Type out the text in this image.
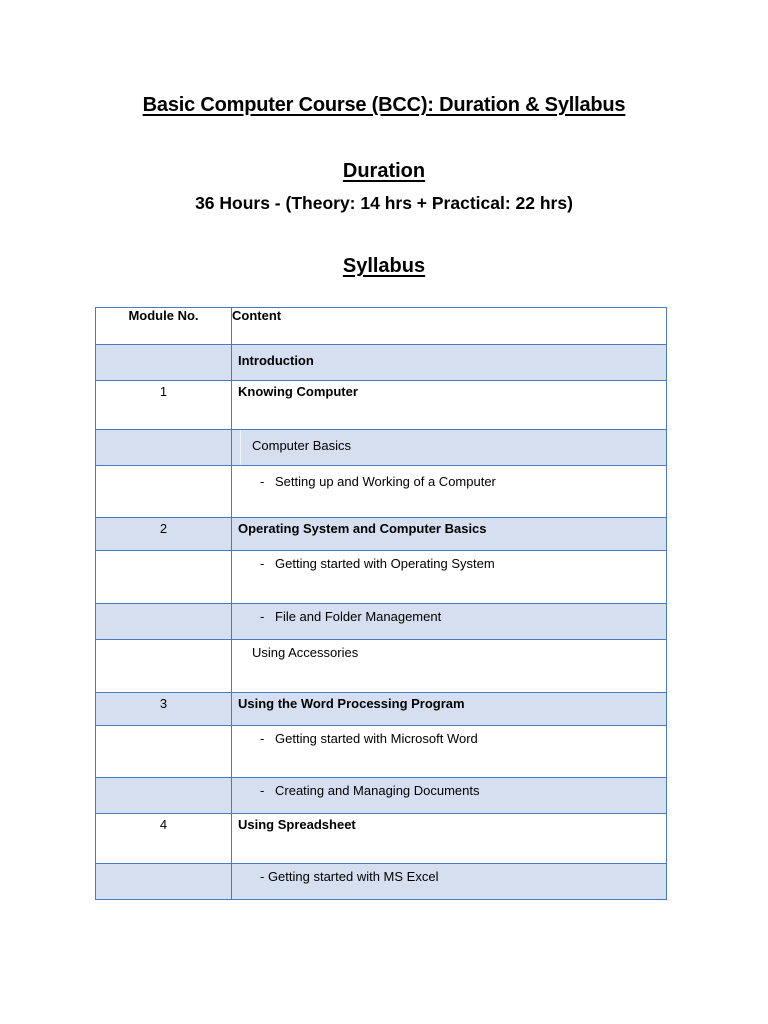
Basic Computer Course (BCC): Duration & Syllabus
Duration

36 Hours - (Theory: 14 hrs + Practical: 22 hrs)

Syllabus
Module No.	Content

	Introduction

1	Knowing Computer

	Computer Basics

	- Setting up and Working of a Computer

2	Operating System and Computer Basics

	- Getting started with Operating System

	- File and Folder Management

	Using Accessories

3	Using the Word Processing Program

	- Getting started with Microsoft Word

	- Creating and Managing Documents

4	Using Spreadsheet

	- Getting started with MS Excel
